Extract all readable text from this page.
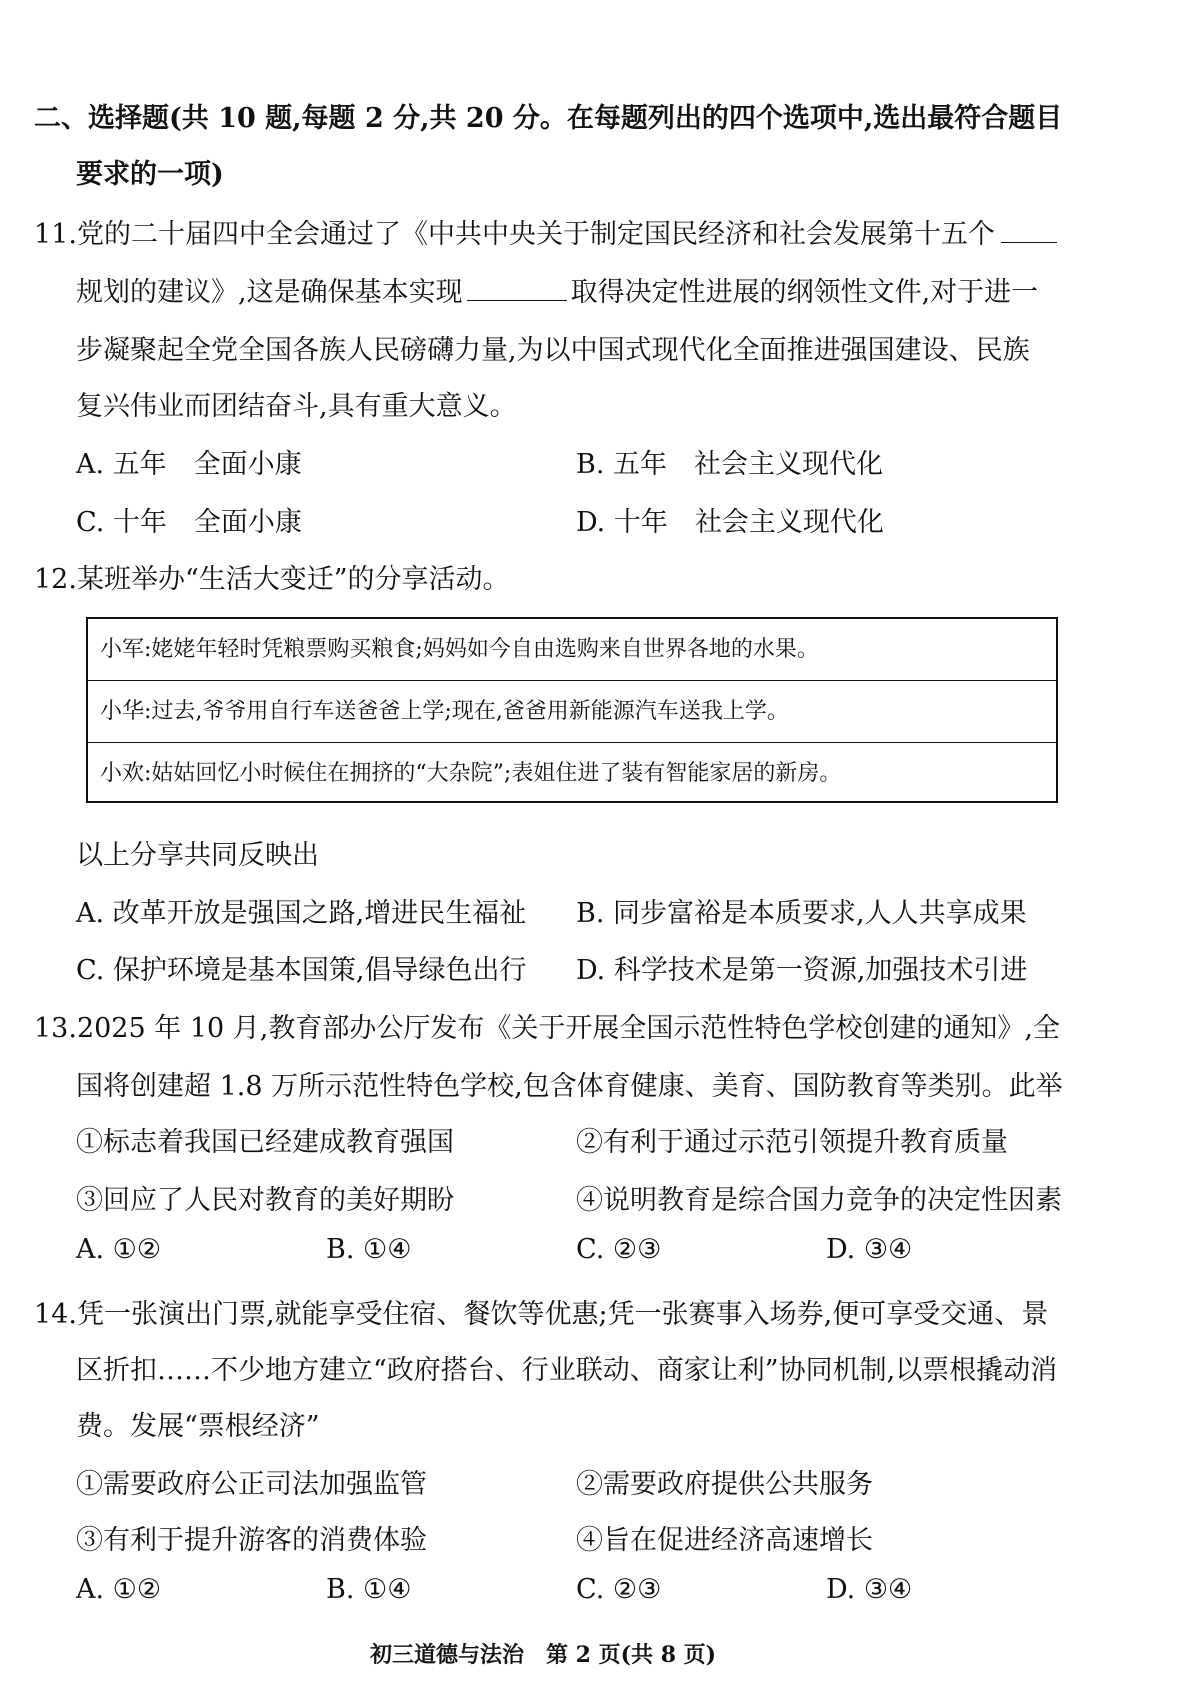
二、选择题(共 10 题,每题 2 分,共 20 分。在每题列出的四个选项中,选出最符合题目
要求的一项)
11.党的二十届四中全会通过了《中共中央关于制定国民经济和社会发展第十五个
规划的建议》,这是确保基本实现	取得决定性进展的纲领性文件,对于进一
步凝聚起全党全国各族人民磅礴力量,为以中国式现代化全面推进强国建设、民族
复兴伟业而团结奋斗,具有重大意义。
A. 五年　全面小康	B. 五年　社会主义现代化
C. 十年　全面小康	D. 十年　社会主义现代化
12.某班举办“生活大变迁”的分享活动。
小军:姥姥年轻时凭粮票购买粮食;妈妈如今自由选购来自世界各地的水果。
小华:过去,爷爷用自行车送爸爸上学;现在,爸爸用新能源汽车送我上学。
小欢:姑姑回忆小时候住在拥挤的“大杂院”;表姐住进了装有智能家居的新房。
以上分享共同反映出
A. 改革开放是强国之路,增进民生福祉 B. 同步富裕是本质要求,人人共享成果
C. 保护环境是基本国策,倡导绿色出行 D. 科学技术是第一资源,加强技术引进
13.2025 年 10 月,教育部办公厅发布《关于开展全国示范性特色学校创建的通知》,全
国将创建超 1.8 万所示范性特色学校,包含体育健康、美育、国防教育等类别。此举
①标志着我国已经建成教育强国	②有利于通过示范引领提升教育质量
③回应了人民对教育的美好期盼	④说明教育是综合国力竞争的决定性因素
A. ①②	B. ①④	C. ②③	D. ③④
14.凭一张演出门票,就能享受住宿、餐饮等优惠;凭一张赛事入场券,便可享受交通、景
区折扣……不少地方建立“政府搭台、行业联动、商家让利”协同机制,以票根撬动消
费。发展“票根经济”
①需要政府公正司法加强监管	②需要政府提供公共服务
③有利于提升游客的消费体验	④旨在促进经济高速增长
A. ①②	B. ①④	C. ②③	D. ③④
初三道德与法治　第 2 页(共 8 页)
